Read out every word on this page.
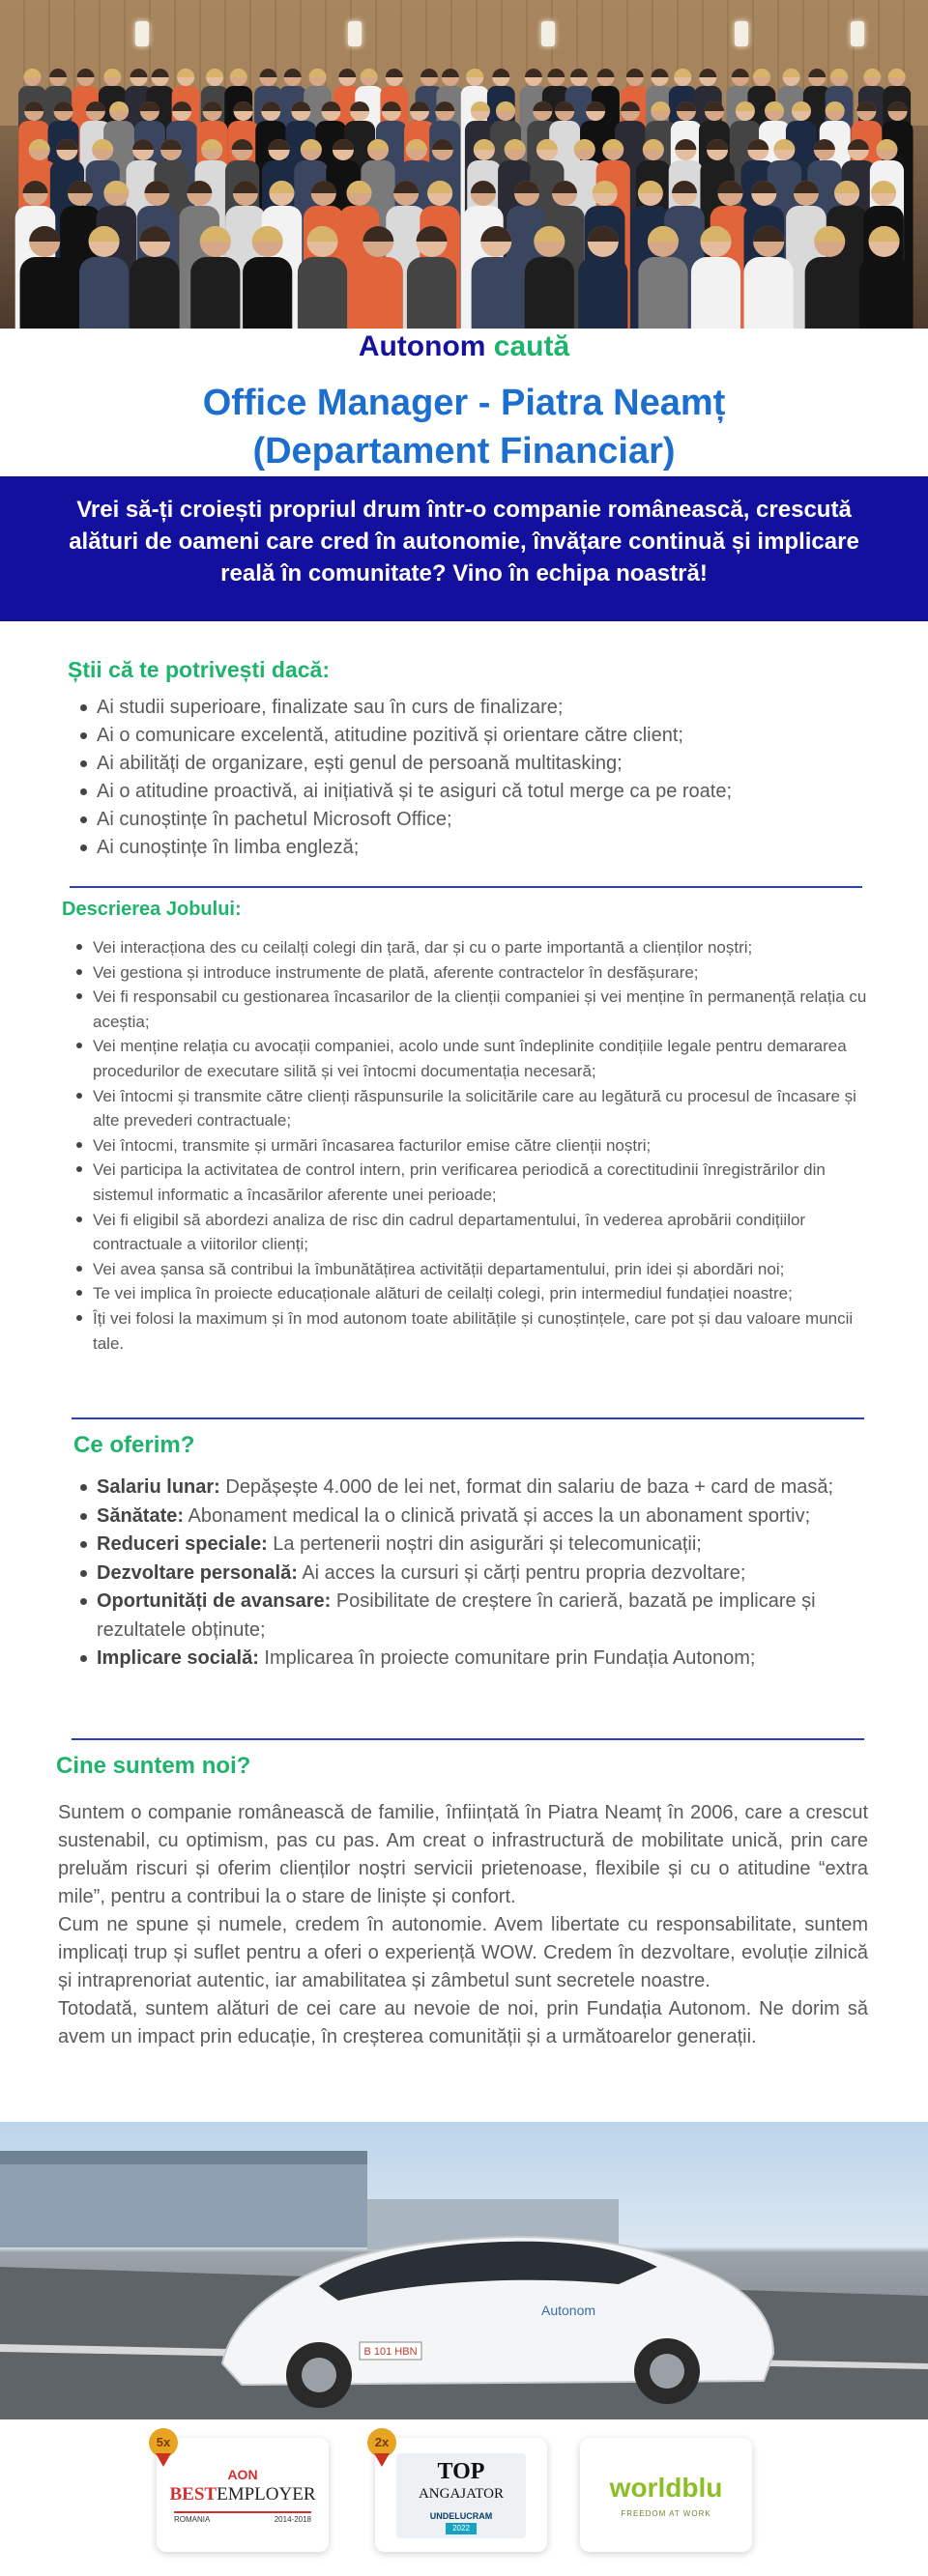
Autonom caută
Office Manager - Piatra Neamț
(Departament Financiar)
Vrei să-ți croiești propriul drum într-o companie românească, crescută alături de oameni care cred în autonomie, învățare continuă și implicare reală în comunitate? Vino în echipa noastră!
Știi că te potrivești dacă:
Ai studii superioare, finalizate sau în curs de finalizare;
Ai o comunicare excelentă, atitudine pozitivă și orientare către client;
Ai abilități de organizare, ești genul de persoană multitasking;
Ai o atitudine proactivă, ai inițiativă și te asiguri că totul merge ca pe roate;
Ai cunoștințe în pachetul Microsoft Office;
Ai cunoștințe în limba engleză;
Descrierea Jobului:
Vei interacționa des cu ceilalți colegi din țară, dar și cu o parte importantă a clienților noștri;
Vei gestiona și introduce instrumente de plată, aferente contractelor în desfășurare;
Vei fi responsabil cu gestionarea încasarilor de la clienții companiei și vei menține în permanență relația cu aceștia;
Vei menține relația cu avocații companiei, acolo unde sunt îndeplinite condițiile legale pentru demararea procedurilor de executare silită și vei întocmi documentația necesară;
Vei întocmi și transmite către clienți răspunsurile la solicitările care au legătură cu procesul de încasare și alte prevederi contractuale;
Vei întocmi, transmite și urmări încasarea facturilor emise către clienții noștri;
Vei participa la activitatea de control intern, prin verificarea periodică a corectitudinii înregistrărilor din sistemul informatic a încasărilor aferente unei perioade;
Vei fi eligibil să abordezi analiza de risc din cadrul departamentului, în vederea aprobării condițiilor contractuale a viitorilor clienți;
Vei avea șansa să contribui la îmbunătățirea activității departamentului, prin idei și abordări noi;
Te vei implica în proiecte educaționale alături de ceilalți colegi, prin intermediul fundației noastre;
Îți vei folosi la maximum și în mod autonom toate abilitățile și cunoștințele, care pot și dau valoare muncii tale.
Ce oferim?
Salariu lunar: Depășește 4.000 de lei net, format din salariu de baza + card de masă;
Sănătate: Abonament medical la o clinică privată și acces la un abonament sportiv;
Reduceri speciale: La pertenerii noștri din asigurări și telecomunicații;
Dezvoltare personală: Ai acces la cursuri și cărți pentru propria dezvoltare;
Oportunități de avansare: Posibilitate de creștere în carieră, bazată pe implicare și rezultatele obținute;
Implicare socială: Implicarea în proiecte comunitare prin Fundația Autonom;
Cine suntem noi?

Suntem o companie românească de familie, înființată în Piatra Neamț în 2006, care a crescut sustenabil, cu optimism, pas cu pas. Am creat o infrastructură de mobilitate unică, prin care preluăm riscuri și oferim clienților noștri servicii prietenoase, flexibile și cu o atitudine “extra mile”, pentru a contribui la o stare de liniște și confort.

Cum ne spune și numele, credem în autonomie. Avem libertate cu responsabilitate, suntem implicați trup și suflet pentru a oferi o experiență WOW. Credem în dezvoltare, evoluție zilnică și intraprenoriat autentic, iar amabilitatea și zâmbetul sunt secretele noastre.

Totodată, suntem alături de cei care au nevoie de noi, prin Fundația Autonom. Ne dorim să avem un impact prin educație, în creșterea comunității și a următoarelor generații.

B 101 HBN
Autonom
5x
AON
BESTEMPLOYER
ROMANIA	2014-2018
2x
TOP
ANGAJATOR
UNDELUCRAM
2022
worldblu
FREEDOM AT WORK
